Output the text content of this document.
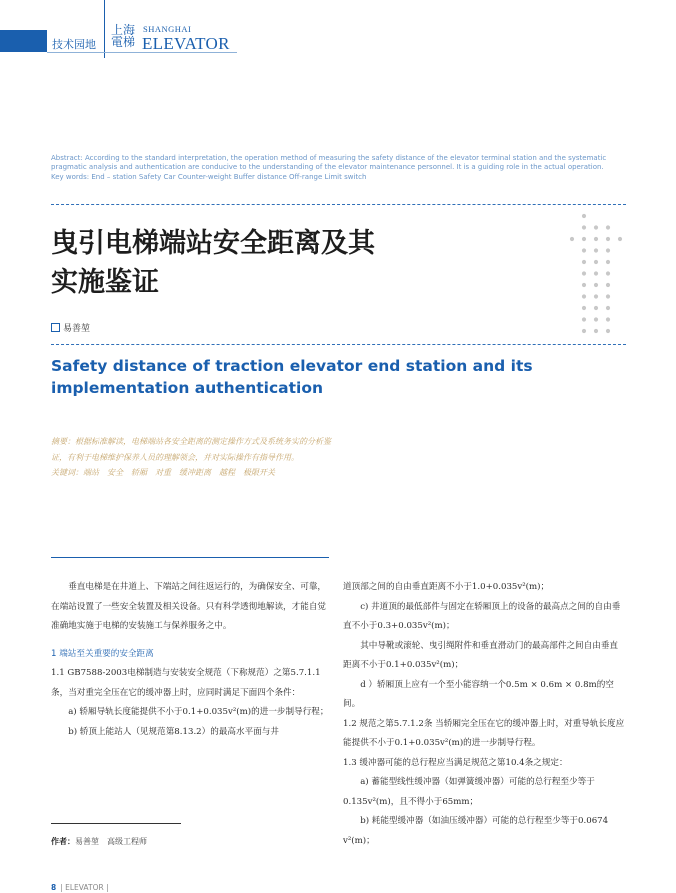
技术园地
上海電梯
SHANGHAI
ELEVATOR
Abstract: According to the standard interpretation, the operation method of measuring the safety distance of the elevator terminal station and the systematic pragmatic analysis and authentication are conducive to the understanding of the elevator maintenance personnel. It is a guiding role in the actual operation.
Key words: End – station Safety Car Counter-weight Buffer distance Off-range Limit switch
曳引电梯端站安全距离及其
实施鉴证
易善堃
Safety distance of traction elevator end station and its implementation authentication
摘要：根据标准解读，电梯端站各安全距离的测定操作方式及系统务实的分析鉴证，有利于电梯维护保养人员的理解领会，并对实际操作有指导作用。
关键词：端站　安全　轿厢　对重　缓冲距离　越程　极限开关

垂直电梯是在井道上、下端站之间往返运行的，为确保安全、可靠，在端站设置了一些安全装置及相关设备。只有科学透彻地解读，才能自觉准确地实施于电梯的安装施工与保养服务之中。

1 端站至关重要的安全距离

1.1 GB7588-2003电梯制造与安装安全规范（下称规范）之第5.7.1.1条，当对重完全压在它的缓冲器上时，应同时满足下面四个条件：

a) 轿厢导轨长度能提供不小于0.1+0.035v²(m)的进一步制导行程；

b) 轿顶上能站人（见规范第8.13.2）的最高水平面与井

道顶部之间的自由垂直距离不小于1.0+0.035v²(m)；

c) 井道顶的最低部件与固定在轿厢顶上的设备的最高点之间的自由垂直不小于0.3+0.035v²(m)；

其中导靴或滚轮、曳引绳附件和垂直滑动门的最高部件之间自由垂直距离不小于0.1+0.035v²(m)；

d ）轿厢顶上应有一个至小能容纳一个0.5m × 0.6m × 0.8m的空间。

1.2 规范之第5.7.1.2条 当轿厢完全压在它的缓冲器上时，对重导轨长度应能提供不小于0.1+0.035v²(m)的进一步制导行程。

1.3 缓冲器可能的总行程应当满足规范之第10.4条之规定：

a) 蓄能型线性缓冲器（如弹簧缓冲器）可能的总行程至少等于0.135v²(m)，且不得小于65mm；

b) 耗能型缓冲器（如油压缓冲器）可能的总行程至少等于0.0674 v²(m)；

作者：易善堃　高级工程师
8 | ELEVATOR |
